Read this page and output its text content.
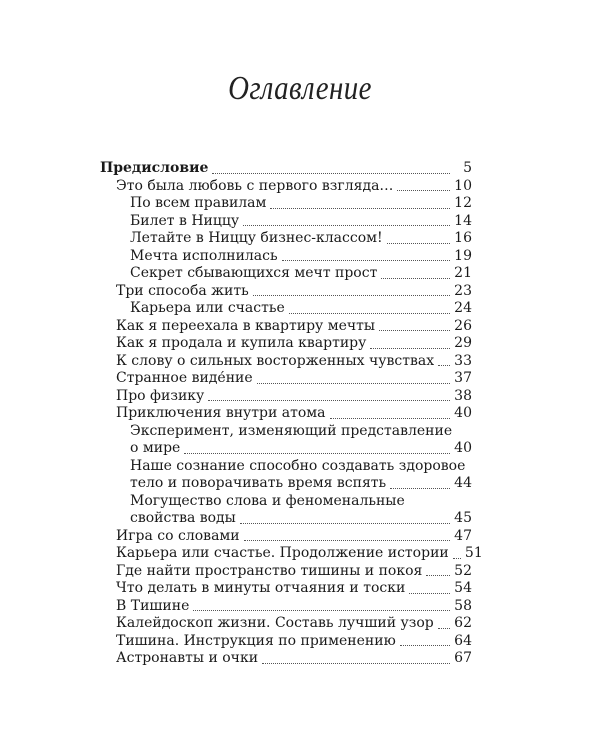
Оглавление
Предисловие	5
Это была любовь с первого взгляда…	10
По всем правилам	12
Билет в Ниццу	14
Летайте в Ниццу бизнес-классом!	16
Мечта исполнилась	19
Секрет сбывающихся мечт прост	21
Три способа жить	23
Карьера или счастье	24
Как я переехала в квартиру мечты	26
Как я продала и купила квартиру	29
К слову о сильных восторженных чувствах 33
Странное виде́ние	37
Про физику	38
Приключения внутри атома	40
Эксперимент, изменяющий представление
о мире	40
Наше сознание способно создавать здоровое
тело и поворачивать время вспять	44
Могущество слова и феноменальные
свойства воды	45
Игра со словами	47
Карьера или счастье. Продолжение истории 51
Где найти пространство тишины и покоя 52
Что делать в минуты отчаяния и тоски	54
В Тишине	58
Калейдоскоп жизни. Составь лучший узор 62
Тишина. Инструкция по применению	64
Астронавты и очки	67
